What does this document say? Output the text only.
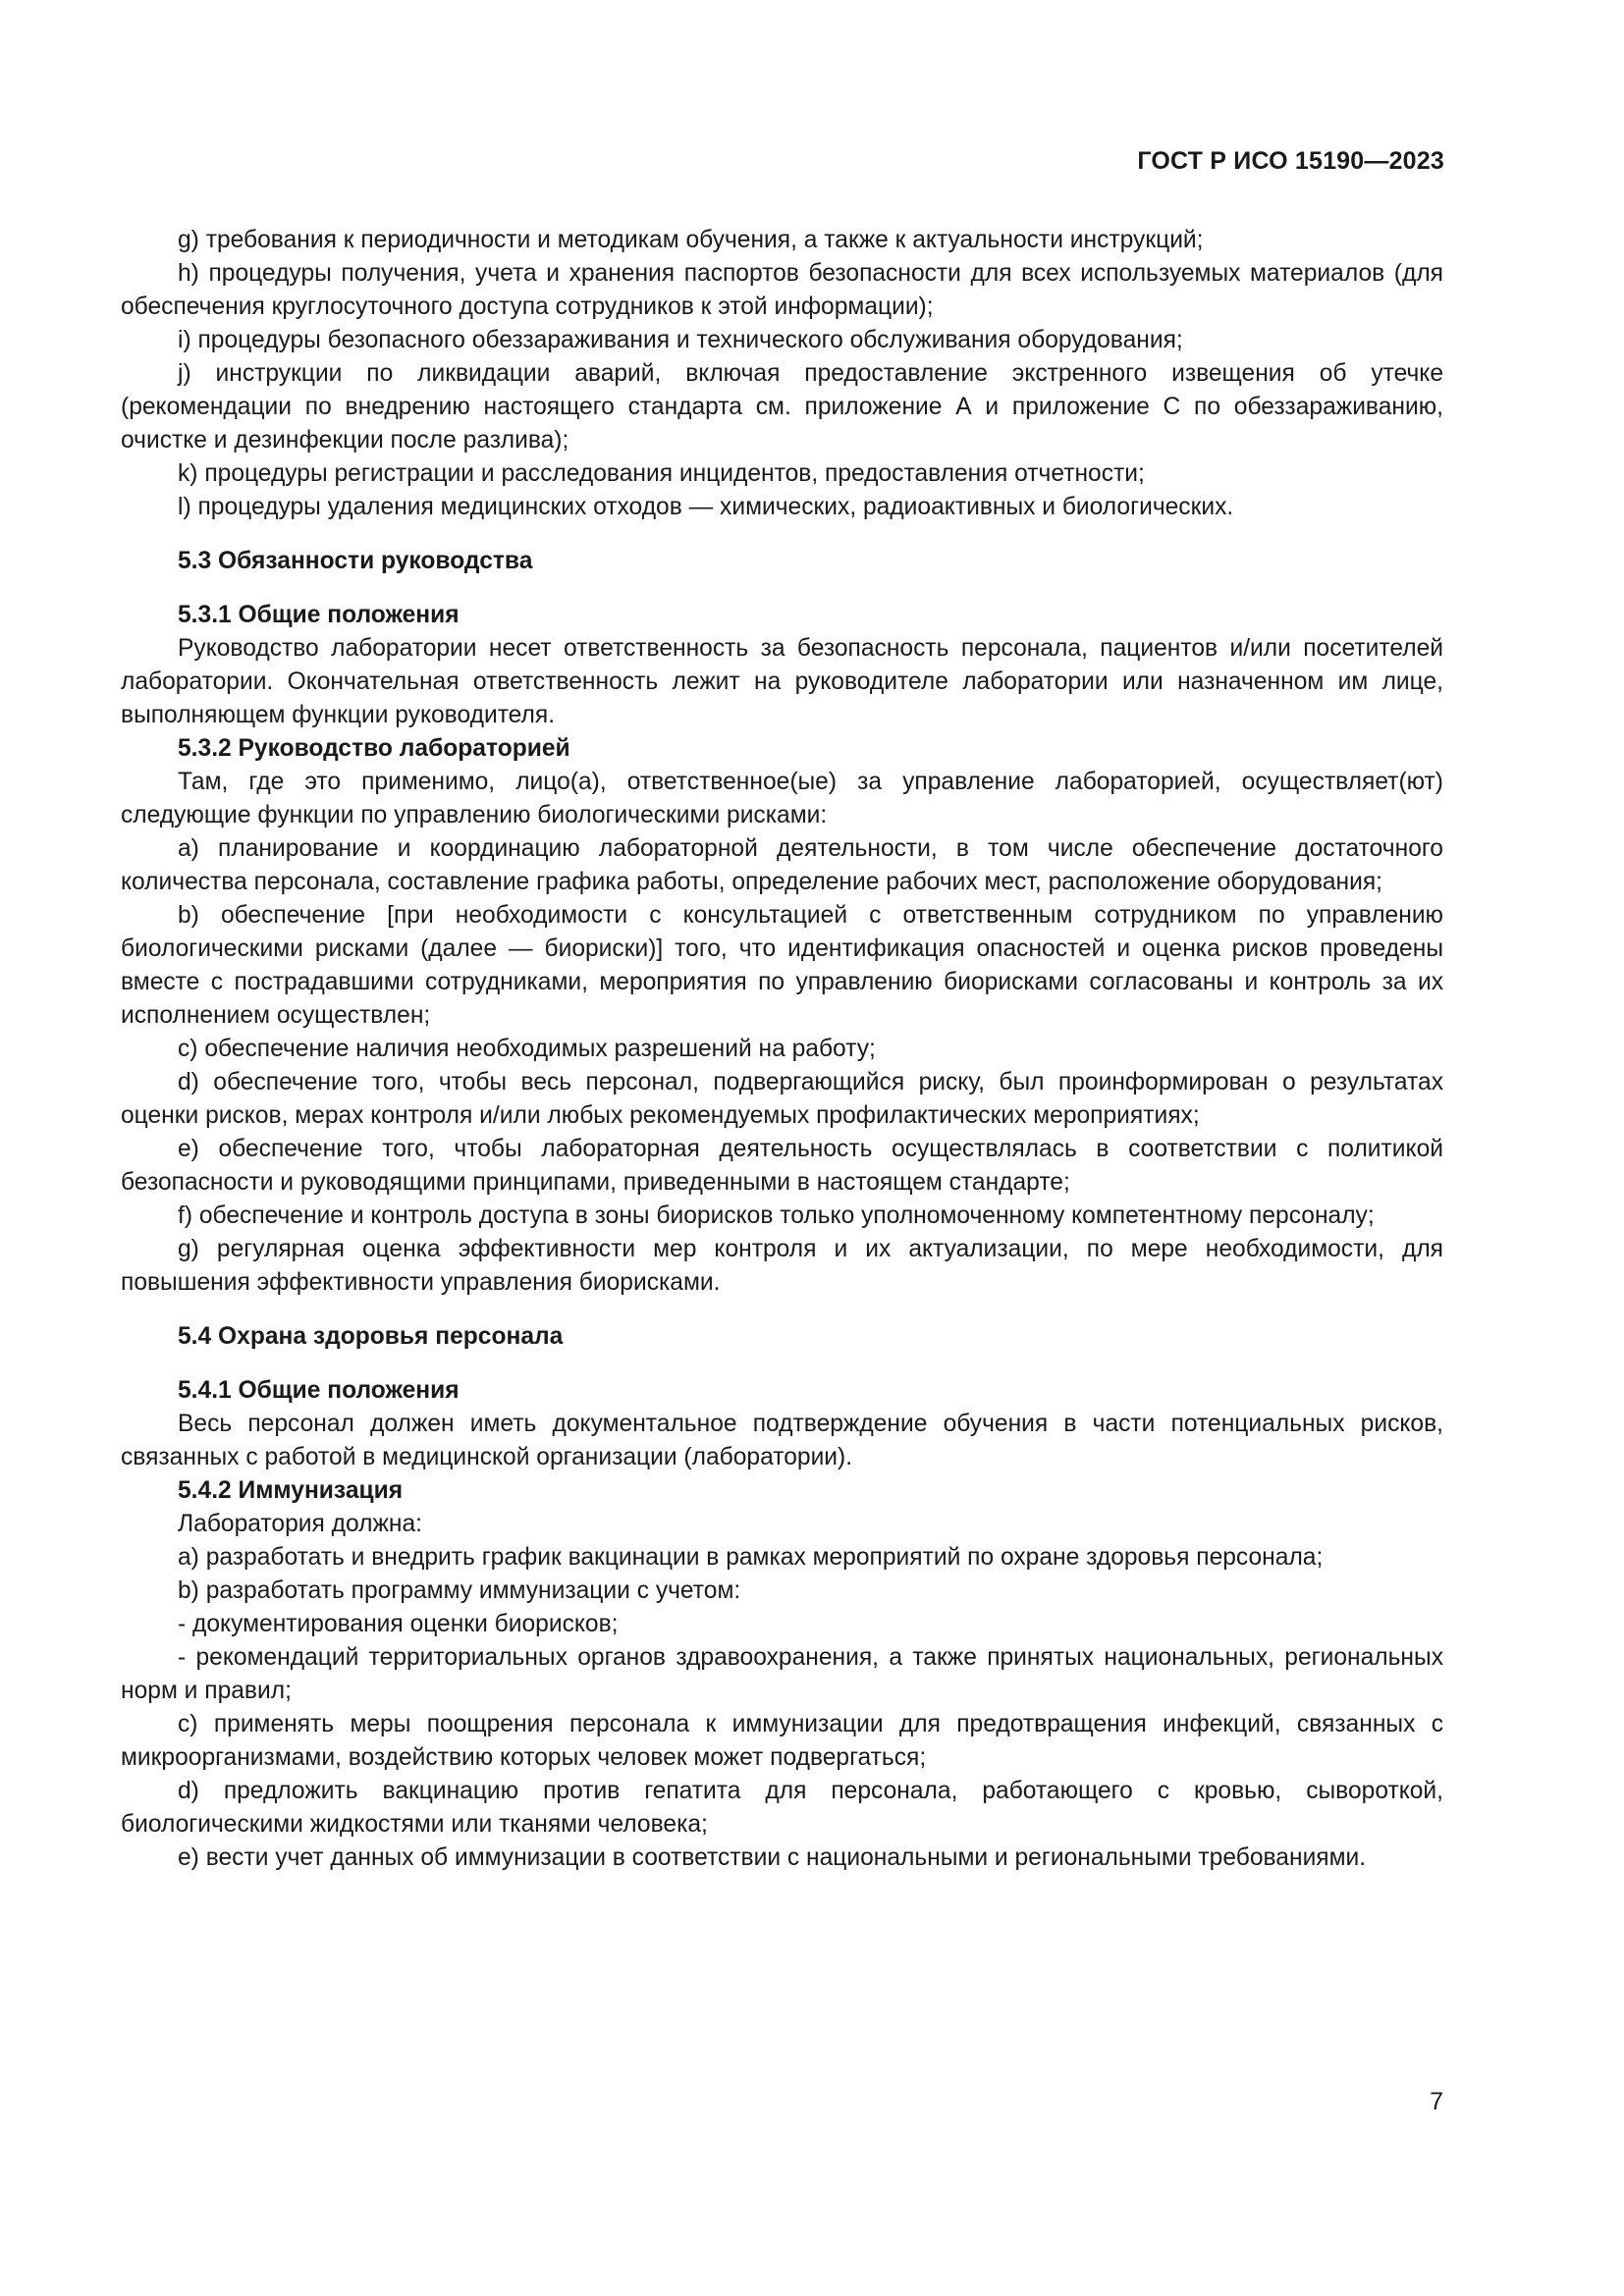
ГОСТ Р ИСО 15190—2023

g) требования к периодичности и методикам обучения, а также к актуальности инструкций;

h) процедуры получения, учета и хранения паспортов безопасности для всех используемых материалов (для обеспечения круглосуточного доступа сотрудников к этой информации);

i) процедуры безопасного обеззараживания и технического обслуживания оборудования;

j) инструкции по ликвидации аварий, включая предоставление экстренного извещения об утечке (рекомендации по внедрению настоящего стандарта см. приложение А и приложение С по обеззараживанию, очистке и дезинфекции после разлива);

k) процедуры регистрации и расследования инцидентов, предоставления отчетности;

l) процедуры удаления медицинских отходов — химических, радиоактивных и биологических.

5.3 Обязанности руководства

5.3.1 Общие положения

Руководство лаборатории несет ответственность за безопасность персонала, пациентов и/или посетителей лаборатории. Окончательная ответственность лежит на руководителе лаборатории или назначенном им лице, выполняющем функции руководителя.

5.3.2 Руководство лабораторией

Там, где это применимо, лицо(а), ответственное(ые) за управление лабораторией, осуществляет(ют) следующие функции по управлению биологическими рисками:

a) планирование и координацию лабораторной деятельности, в том числе обеспечение достаточного количества персонала, составление графика работы, определение рабочих мест, расположение оборудования;

b) обеспечение [при необходимости с консультацией с ответственным сотрудником по управлению биологическими рисками (далее — биориски)] того, что идентификация опасностей и оценка рисков проведены вместе с пострадавшими сотрудниками, мероприятия по управлению биорисками согласованы и контроль за их исполнением осуществлен;

c) обеспечение наличия необходимых разрешений на работу;

d) обеспечение того, чтобы весь персонал, подвергающийся риску, был проинформирован о результатах оценки рисков, мерах контроля и/или любых рекомендуемых профилактических мероприятиях;

e) обеспечение того, чтобы лабораторная деятельность осуществлялась в соответствии с политикой безопасности и руководящими принципами, приведенными в настоящем стандарте;

f) обеспечение и контроль доступа в зоны биорисков только уполномоченному компетентному персоналу;

g) регулярная оценка эффективности мер контроля и их актуализации, по мере необходимости, для повышения эффективности управления биорисками.

5.4 Охрана здоровья персонала

5.4.1 Общие положения

Весь персонал должен иметь документальное подтверждение обучения в части потенциальных рисков, связанных с работой в медицинской организации (лаборатории).

5.4.2 Иммунизация

Лаборатория должна:

a) разработать и внедрить график вакцинации в рамках мероприятий по охране здоровья персонала;

b) разработать программу иммунизации с учетом:

- документирования оценки биорисков;

- рекомендаций территориальных органов здравоохранения, а также принятых национальных, региональных норм и правил;

c) применять меры поощрения персонала к иммунизации для предотвращения инфекций, связанных с микроорганизмами, воздействию которых человек может подвергаться;

d) предложить вакцинацию против гепатита для персонала, работающего с кровью, сывороткой, биологическими жидкостями или тканями человека;

e) вести учет данных об иммунизации в соответствии с национальными и региональными требованиями.

7
